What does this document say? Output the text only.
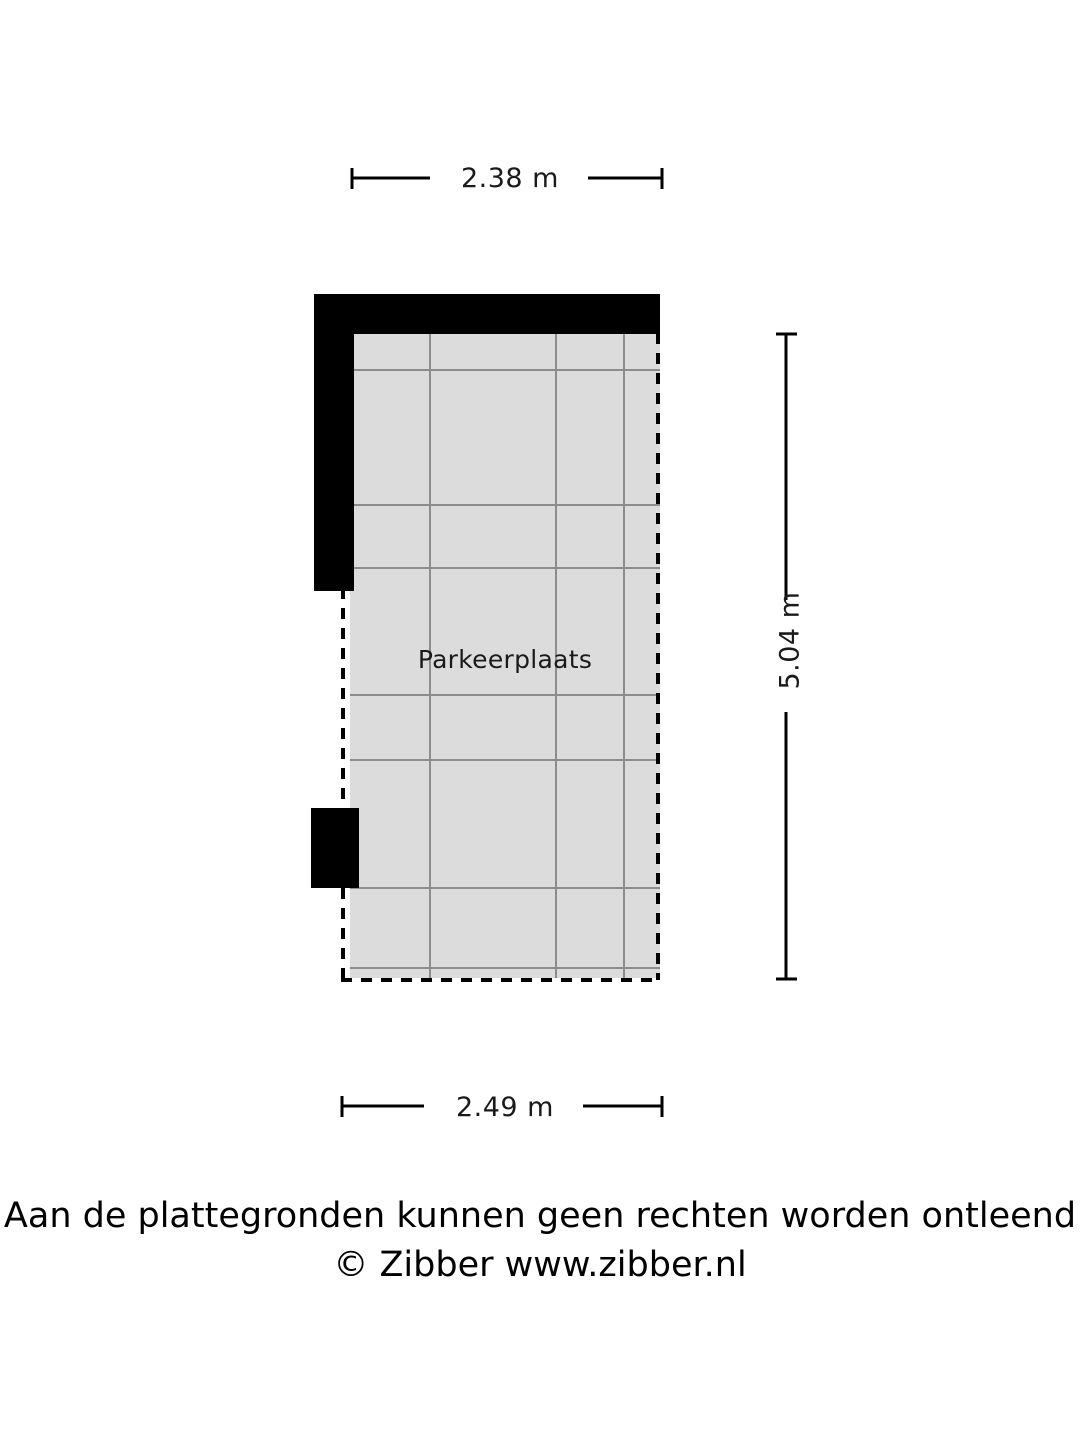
2.38 m
2.49 m
5.04 m
Parkeerplaats
Aan de plattegronden kunnen geen rechten worden ontleend
© Zibber www.zibber.nl
